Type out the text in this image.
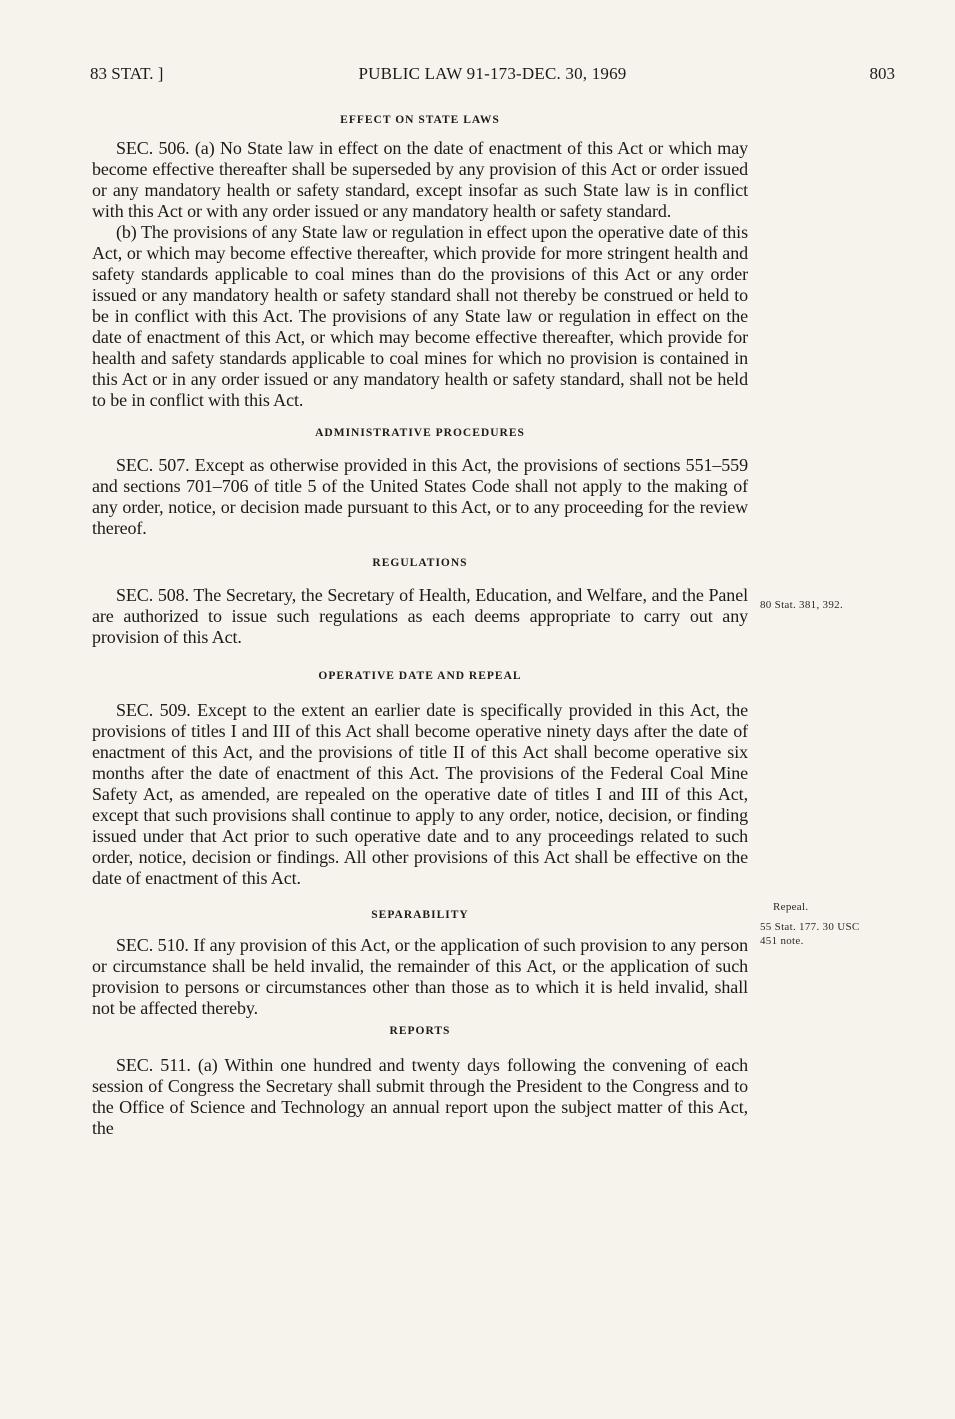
83 STAT. ]	PUBLIC LAW 91-173-DEC. 30, 1969	803
EFFECT ON STATE LAWS

SEC. 506. (a) No State law in effect on the date of enactment of this Act or which may become effective thereafter shall be superseded by any provision of this Act or order issued or any mandatory health or safety standard, except insofar as such State law is in conflict with this Act or with any order issued or any mandatory health or safety standard.

(b) The provisions of any State law or regulation in effect upon the operative date of this Act, or which may become effective thereafter, which provide for more stringent health and safety standards applicable to coal mines than do the provisions of this Act or any order issued or any mandatory health or safety standard shall not thereby be construed or held to be in conflict with this Act. The provisions of any State law or regulation in effect on the date of enactment of this Act, or which may become effective thereafter, which provide for health and safety standards applicable to coal mines for which no provision is contained in this Act or in any order issued or any mandatory health or safety standard, shall not be held to be in conflict with this Act.

ADMINISTRATIVE PROCEDURES

SEC. 507. Except as otherwise provided in this Act, the provisions of sections 551–559 and sections 701–706 of title 5 of the United States Code shall not apply to the making of any order, notice, or decision made pursuant to this Act, or to any proceeding for the review thereof.

REGULATIONS

SEC. 508. The Secretary, the Secretary of Health, Education, and Welfare, and the Panel are authorized to issue such regulations as each deems appropriate to carry out any provision of this Act.

OPERATIVE DATE AND REPEAL

SEC. 509. Except to the extent an earlier date is specifically provided in this Act, the provisions of titles I and III of this Act shall become operative ninety days after the date of enactment of this Act, and the provisions of title II of this Act shall become operative six months after the date of enactment of this Act. The provisions of the Federal Coal Mine Safety Act, as amended, are repealed on the operative date of titles I and III of this Act, except that such provisions shall continue to apply to any order, notice, decision, or finding issued under that Act prior to such operative date and to any proceedings related to such order, notice, decision or findings. All other provisions of this Act shall be effective on the date of enactment of this Act.

SEPARABILITY

SEC. 510. If any provision of this Act, or the application of such provision to any person or circumstance shall be held invalid, the remainder of this Act, or the application of such provision to persons or circumstances other than those as to which it is held invalid, shall not be affected thereby.

REPORTS

SEC. 511. (a) Within one hundred and twenty days following the convening of each session of Congress the Secretary shall submit through the President to the Congress and to the Office of Science and Technology an annual report upon the subject matter of this Act, the

80 Stat. 381, 392.
Repeal.
55 Stat. 177. 30 USC 451 note.
